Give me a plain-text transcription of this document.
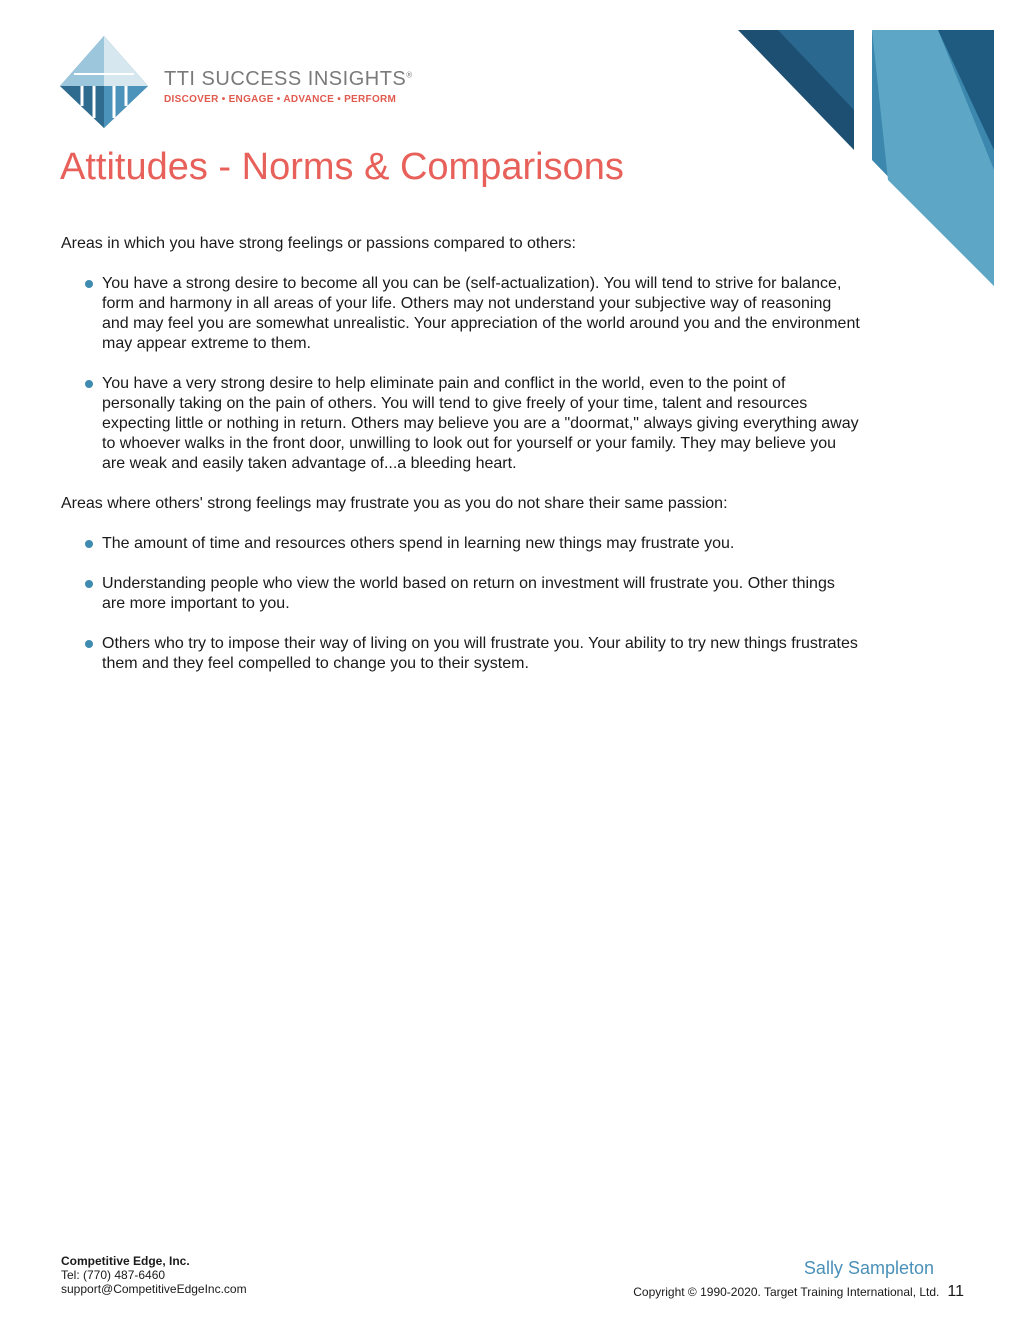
TTI SUCCESS INSIGHTS®
DISCOVER • ENGAGE • ADVANCE • PERFORM
Attitudes - Norms & Comparisons

Areas in which you have strong feelings or passions compared to others:

You have a strong desire to become all you can be (self-actualization). You will tend to strive for balance, form and harmony in all areas of your life. Others may not understand your subjective way of reasoning and may feel you are somewhat unrealistic. Your appreciation of the world around you and the environment may appear extreme to them.
You have a very strong desire to help eliminate pain and conflict in the world, even to the point of personally taking on the pain of others. You will tend to give freely of your time, talent and resources expecting little or nothing in return. Others may believe you are a "doormat," always giving everything away to whoever walks in the front door, unwilling to look out for yourself or your family. They may believe you are weak and easily taken advantage of...a bleeding heart.

Areas where others' strong feelings may frustrate you as you do not share their same passion:

The amount of time and resources others spend in learning new things may frustrate you.
Understanding people who view the world based on return on investment will frustrate you. Other things are more important to you.
Others who try to impose their way of living on you will frustrate you. Your ability to try new things frustrates them and they feel compelled to change you to their system.
Competitive Edge, Inc.
Tel: (770) 487-6460
support@CompetitiveEdgeInc.com
Sally Sampleton
Copyright © 1990-2020. Target Training International, Ltd. 11
